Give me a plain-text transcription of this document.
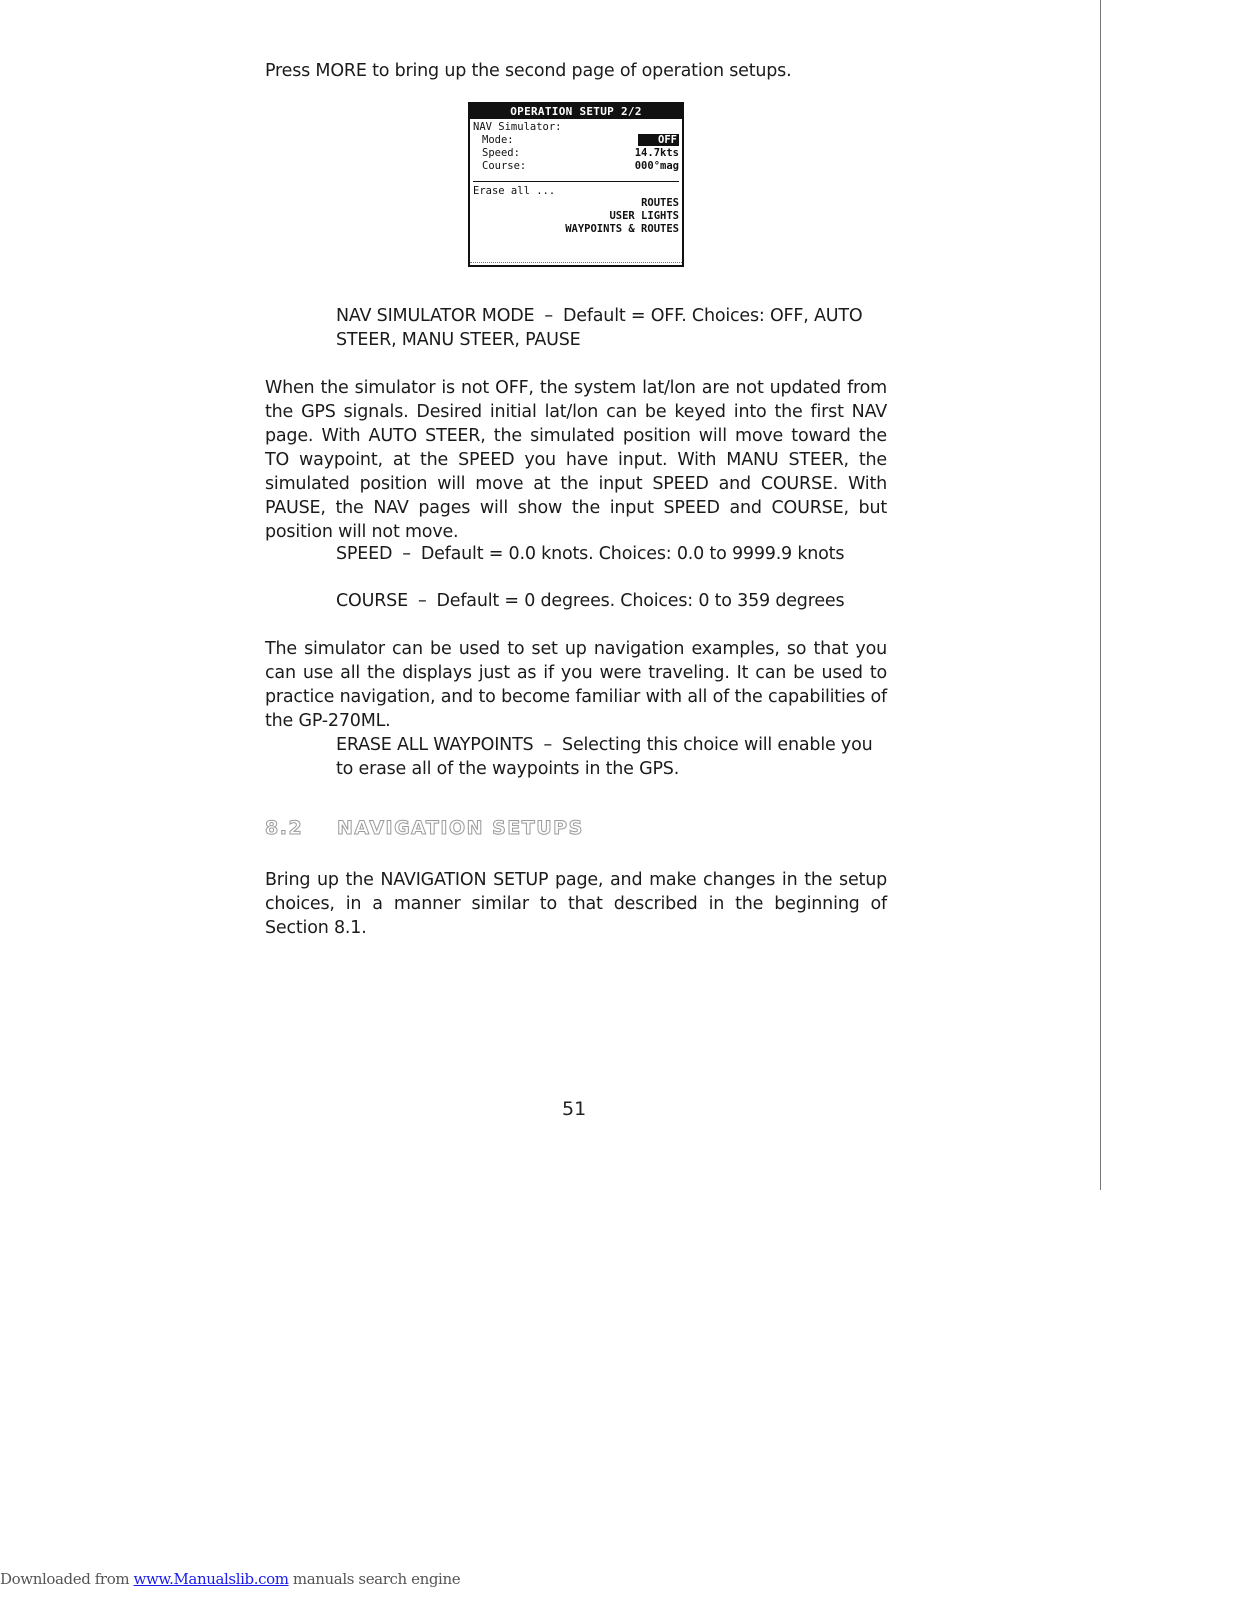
Press MORE to bring up the second page of operation setups.

OPERATION SETUP 2/2
NAV Simulator:
Mode:	OFF
Speed:	14.7kts
Course:	000°mag
Erase all ...
ROUTES
USER LIGHTS
WAYPOINTS & ROUTES

NAV SIMULATOR MODE – Default = OFF. Choices: OFF, AUTO STEER, MANU STEER, PAUSE

When the simulator is not OFF, the system lat/lon are not updated from the GPS signals. Desired initial lat/lon can be keyed into the first NAV page. With AUTO STEER, the simulated position will move toward the TO waypoint, at the SPEED you have input. With MANU STEER, the simulated position will move at the input SPEED and COURSE. With PAUSE, the NAV pages will show the input SPEED and COURSE, but position will not move.

SPEED – Default = 0.0 knots. Choices: 0.0 to 9999.9 knots

COURSE – Default = 0 degrees. Choices: 0 to 359 degrees

The simulator can be used to set up navigation examples, so that you can use all the displays just as if you were traveling. It can be used to practice navigation, and to become familiar with all of the capabilities of the GP-270ML.

ERASE ALL WAYPOINTS – Selecting this choice will enable you to erase all of the waypoints in the GPS.

8.2 NAVIGATION SETUPS

Bring up the NAVIGATION SETUP page, and make changes in the setup choices, in a manner similar to that described in the beginning of Section 8.1.

51
Downloaded from www.Manualslib.com manuals search engine
